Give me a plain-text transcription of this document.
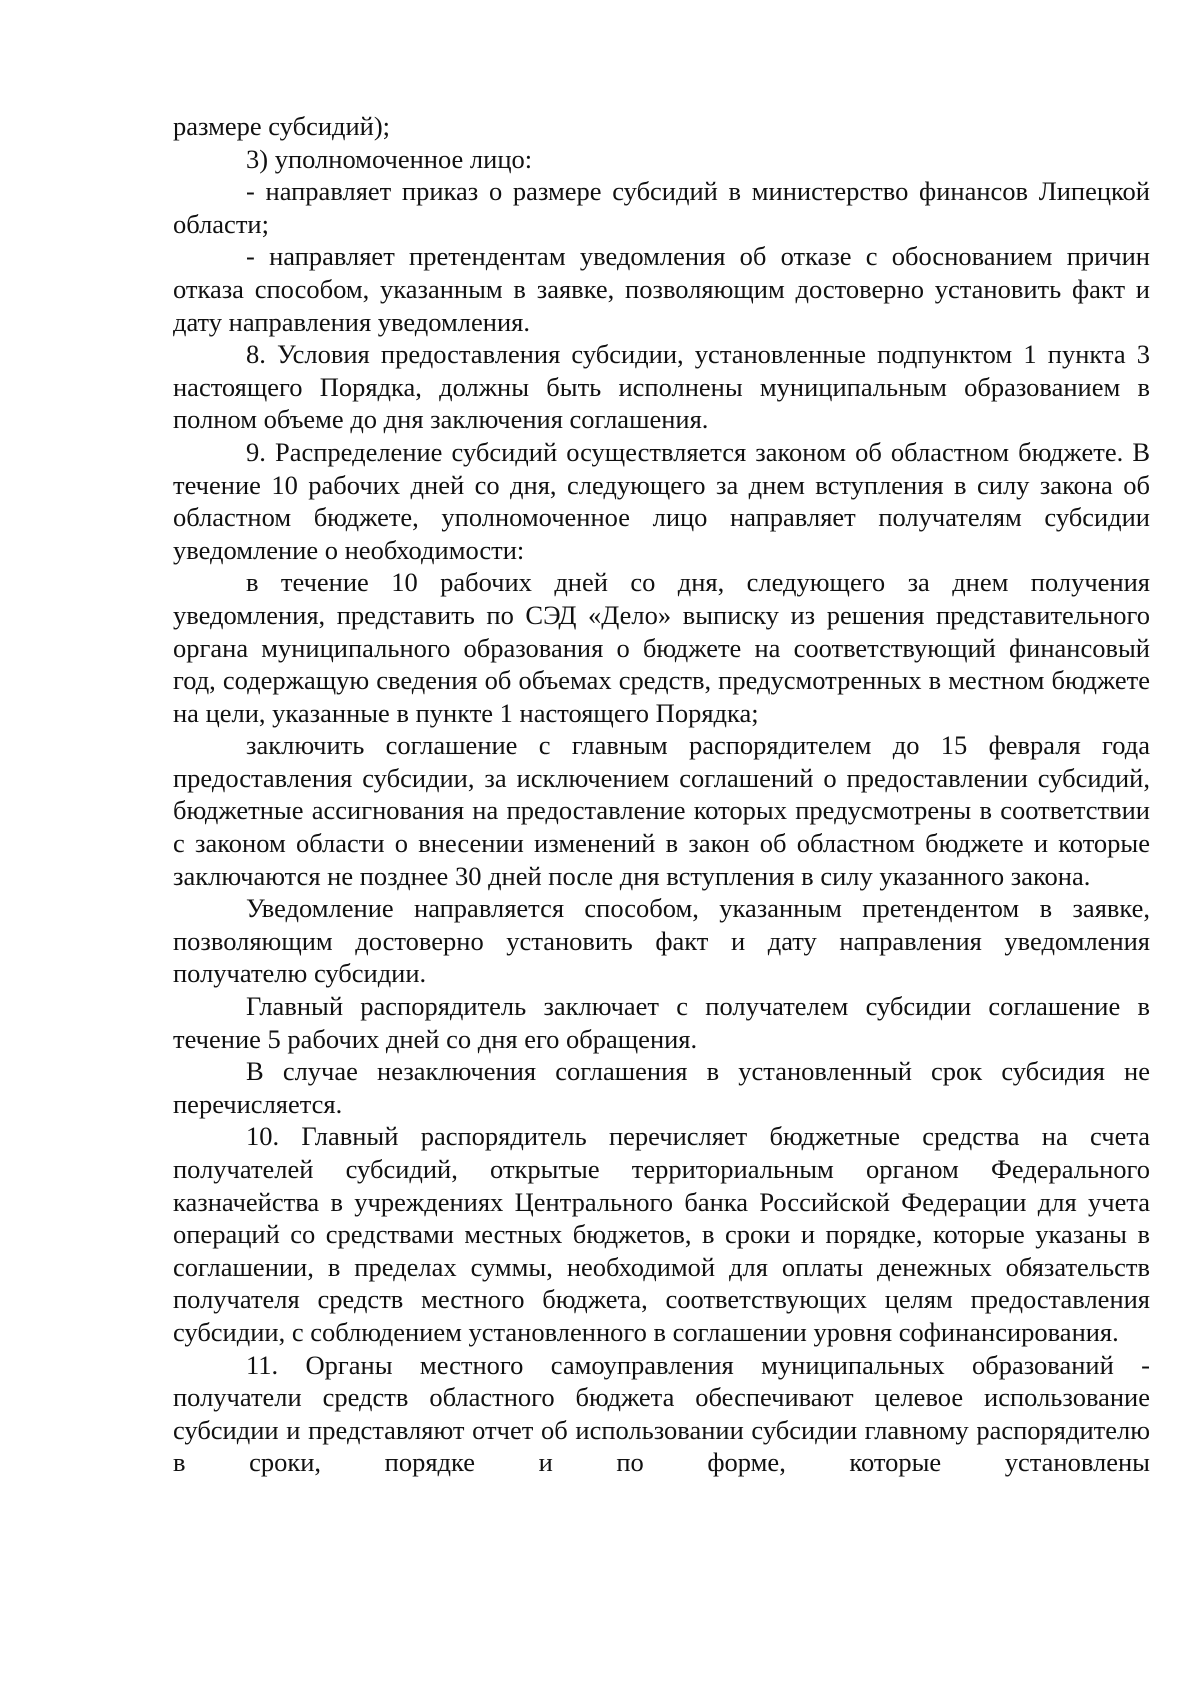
размере субсидий);

3) уполномоченное лицо:

- направляет приказ о размере субсидий в министерство финансов Липецкой области;

- направляет претендентам уведомления об отказе с обоснованием причин отказа способом, указанным в заявке, позволяющим достоверно установить факт и дату направления уведомления.

8. Условия предоставления субсидии, установленные подпунктом 1 пункта 3 настоящего Порядка, должны быть исполнены муниципальным образованием в полном объеме до дня заключения соглашения.

9. Распределение субсидий осуществляется законом об областном бюджете. В течение 10 рабочих дней со дня, следующего за днем вступления в силу закона об областном бюджете, уполномоченное лицо направляет получателям субсидии уведомление о необходимости:

в течение 10 рабочих дней со дня, следующего за днем получения уведомления, представить по СЭД «Дело» выписку из решения представительного органа муниципального образования о бюджете на соответствующий финансовый год, содержащую сведения об объемах средств, предусмотренных в местном бюджете на цели, указанные в пункте 1 настоящего Порядка;

заключить соглашение с главным распорядителем до 15 февраля года предоставления субсидии, за исключением соглашений о предоставлении субсидий, бюджетные ассигнования на предоставление которых предусмотрены в соответствии с законом области о внесении изменений в закон об областном бюджете и которые заключаются не позднее 30 дней после дня вступления в силу указанного закона.

Уведомление направляется способом, указанным претендентом в заявке, позволяющим достоверно установить факт и дату направления уведомления получателю субсидии.

Главный распорядитель заключает с получателем субсидии соглашение в течение 5 рабочих дней со дня его обращения.

В случае незаключения соглашения в установленный срок субсидия не перечисляется.

10. Главный распорядитель перечисляет бюджетные средства на счета получателей субсидий, открытые территориальным органом Федерального казначейства в учреждениях Центрального банка Российской Федерации для учета операций со средствами местных бюджетов, в сроки и порядке, которые указаны в соглашении, в пределах суммы, необходимой для оплаты денежных обязательств получателя средств местного бюджета, соответствующих целям предоставления субсидии, с соблюдением установленного в соглашении уровня софинансирования.

11. Органы местного самоуправления муниципальных образований - получатели средств областного бюджета обеспечивают целевое использование субсидии и представляют отчет об использовании субсидии главному распорядителю в сроки, порядке и по форме, которые установлены
